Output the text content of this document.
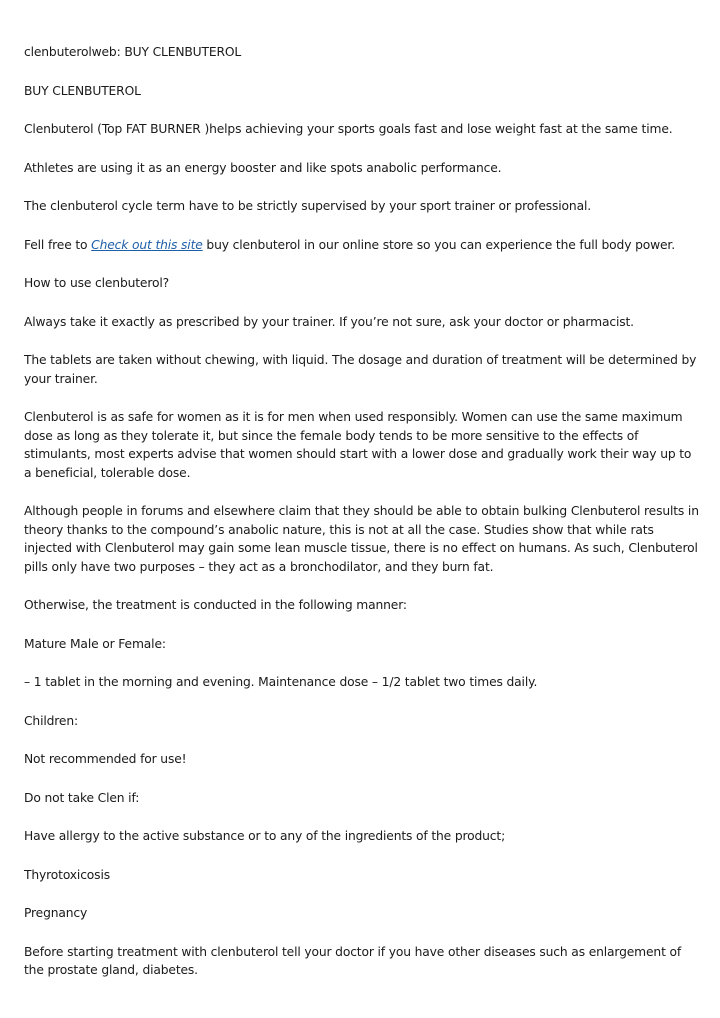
clenbuterolweb: BUY CLENBUTEROL

BUY CLENBUTEROL

Clenbuterol (Top FAT BURNER )helps achieving your sports goals fast and lose weight fast at the same time.

Athletes are using it as an energy booster and like spots anabolic performance.

The clenbuterol cycle term have to be strictly supervised by your sport trainer or professional.

Fell free to Check out this site buy clenbuterol in our online store so you can experience the full body power.

How to use clenbuterol?

Always take it exactly as prescribed by your trainer. If you’re not sure, ask your doctor or pharmacist.

The tablets are taken without chewing, with liquid. The dosage and duration of treatment will be determined by your trainer.

Clenbuterol is as safe for women as it is for men when used responsibly. Women can use the same maximum dose as long as they tolerate it, but since the female body tends to be more sensitive to the effects of stimulants, most experts advise that women should start with a lower dose and gradually work their way up to a beneficial, tolerable dose.

Although people in forums and elsewhere claim that they should be able to obtain bulking Clenbuterol results in theory thanks to the compound’s anabolic nature, this is not at all the case. Studies show that while rats injected with Clenbuterol may gain some lean muscle tissue, there is no effect on humans. As such, Clenbuterol pills only have two purposes – they act as a bronchodilator, and they burn fat.

Otherwise, the treatment is conducted in the following manner:

Mature Male or Female:

– 1 tablet in the morning and evening. Maintenance dose – 1/2 tablet two times daily.

Children:

Not recommended for use!

Do not take Clen if:

Have allergy to the active substance or to any of the ingredients of the product;

Thyrotoxicosis

Pregnancy

Before starting treatment with clenbuterol tell your doctor if you have other diseases such as enlargement of the prostate gland, diabetes.
